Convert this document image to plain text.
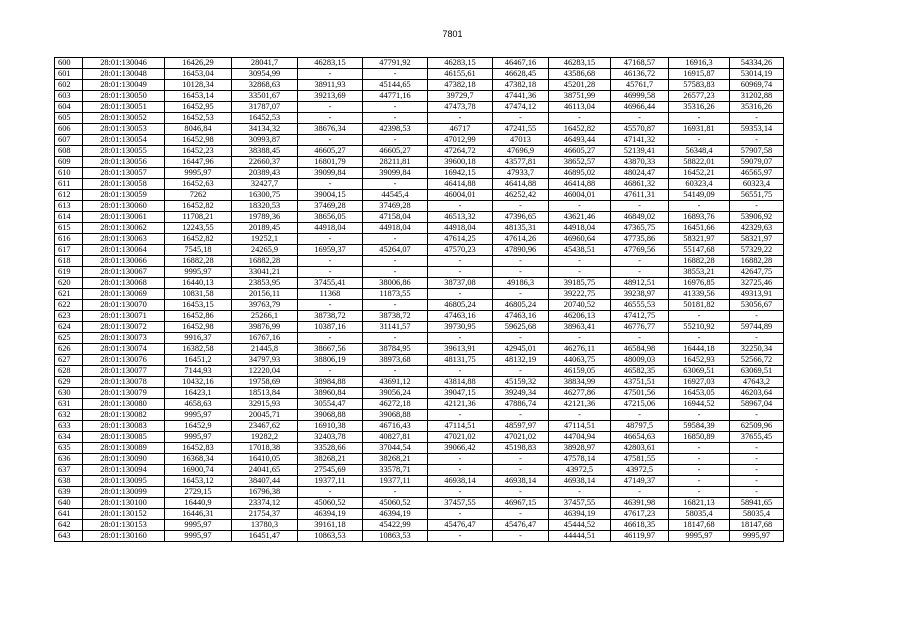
7801
600	28:01:130046	16426,29	28041,7	46283,15	47791,92	46283,15	46467,16	46283,15	47168,57	16916,3	54334,26
601	28:01:130048	16453,04	30954,99	-	-	46155,61	46628,45	43586,68	46136,72	16915,87	53014,19
602	28:01:130049	10128,34	32868,63	38911,93	45144,65	47382,18	47382,18	45201,28	45761,7	57583,83	60969,74
603	28:01:130050	16453,14	33501,67	39213,69	44771,16	39729,7	47441,36	38751,99	46999,58	26577,23	31202,88
604	28:01:130051	16452,95	31787,07	-	-	47473,78	47474,12	46113,04	46966,44	35316,26	35316,26
605	28:01:130052	16452,53	16452,53	-	-	-	-	-	-	-	-
606	28:01:130053	8046,84	34134,32	38676,34	42398,53	46717	47241,55	16452,82	45570,87	16931,81	59353,14
607	28:01:130054	16452,98	30993,87	-	-	47012,99	47013	46493,44	47141,32	-	-
608	28:01:130055	16452,23	38388,45	46605,27	46605,27	47264,72	47696,9	46605,27	52139,41	56348,4	57907,58
609	28:01:130056	16447,96	22660,37	16801,79	28211,81	39600,18	43577,81	38652,57	43870,33	58822,01	59079,07
610	28:01:130057	9995,97	20389,43	39099,84	39099,84	16942,15	47933,7	46895,02	48024,47	16452,21	46565,97
611	28:01:130058	16452,63	32427,7	-	-	46414,88	46414,88	46414,88	46861,32	60323,4	60323,4
612	28:01:130059	7262	16300,75	39004,15	44545,4	46004,01	46252,42	46004,01	47611,31	54149,09	56551,75
613	28:01:130060	16452,82	18320,53	37469,28	37469,28	-	-	-	-	-	-
614	28:01:130061	11708,21	19789,36	38656,05	47158,04	46513,32	47396,65	43621,46	46849,02	16893,76	53906,92
615	28:01:130062	12243,55	20189,45	44918,04	44918,04	44918,04	48135,31	44918,04	47365,75	16451,66	42329,63
616	28:01:130063	16452,82	19252,1	-	-	47614,25	47614,26	46960,64	47735,86	58321,97	58321,97
617	28:01:130064	7545,18	24265,9	16959,37	45264,07	47570,23	47890,96	45438,51	47769,56	55147,68	57329,22
618	28:01:130066	16882,28	16882,28	-	-	-	-	-	-	16882,28	16882,28
619	28:01:130067	9995,97	33041,21	-	-	-	-	-	-	38553,21	42647,75
620	28:01:130068	16440,13	23853,95	37455,41	38006,86	38737,08	49186,3	39185,75	48912,51	16976,85	32725,46
621	28:01:130069	10831,58	20156,11	11368	11873,55	-	-	39222,75	39238,97	41339,56	49313,91
622	28:01:130070	16453,15	39763,79	-	-	46805,24	46805,24	20740,52	46555,53	50181,82	53056,67
623	28:01:130071	16452,86	25266,1	38738,72	38738,72	47463,16	47463,16	46206,13	47412,75	-	-
624	28:01:130072	16452,98	39876,99	10387,16	31141,57	39730,95	59625,68	38963,41	46776,77	55210,92	59744,89
625	28:01:130073	9916,37	16767,16	-	-	-	-	-	-	-	-
626	28:01:130074	16382,58	21445,8	38667,56	38784,95	39613,91	42945,01	46276,11	46584,98	16444,18	32250,34
627	28:01:130076	16451,2	34797,93	38806,19	38973,68	48131,75	48132,19	44063,75	48009,03	16452,93	52566,72
628	28:01:130077	7144,93	12220,04	-	-	-	-	46159,05	46582,35	63069,51	63069,51
629	28:01:130078	10432,16	19758,69	38984,88	43691,12	43814,88	45159,32	38834,99	43751,51	16927,03	47643,2
630	28:01:130079	16423,1	18513,84	38960,84	39056,24	39047,15	39249,34	46277,86	47501,56	16453,05	46203,64
631	28:01:130080	4658,63	32915,93	30554,47	46272,18	42121,36	47886,74	42121,36	47215,06	16944,52	58967,04
632	28:01:130082	9995,97	20045,71	39068,88	39068,88	-	-	-	-	-	-
633	28:01:130083	16452,9	23467,62	16910,38	46716,43	47114,51	48597,97	47114,51	48797,5	59584,39	62509,96
634	28:01:130085	9995,97	19282,2	32403,78	40827,81	47021,02	47021,02	44704,94	46654,63	16850,89	37655,45
635	28:01:130089	16452,83	17018,38	33528,66	37044,54	39066,42	45198,83	38928,97	42803,61	-	-
636	28:01:130090	16368,34	16410,05	38268,21	38268,21	-	-	47578,14	47581,55	-	-
637	28:01:130094	16900,74	24041,65	27545,69	33578,71	-	-	43972,5	43972,5	-	-
638	28:01:130095	16453,12	38407,44	19377,11	19377,11	46938,14	46938,14	46938,14	47149,37	-	-
639	28:01:130099	2729,15	16796,38	-	-	-	-	-	-	-	-
640	28:01:130100	16440,9	23374,12	45060,52	45060,52	37457,55	46967,15	37457,55	46391,98	16821,13	58941,65
641	28:01:130152	16446,31	21754,37	46394,19	46394,19	-	-	46394,19	47617,23	58035,4	58035,4
642	28:01:130153	9995,97	13780,3	39161,18	45422,99	45476,47	45476,47	45444,52	46618,35	18147,68	18147,68
643	28:01:130160	9995,97	16451,47	10863,53	10863,53	-	-	44444,51	46119,97	9995,97	9995,97
